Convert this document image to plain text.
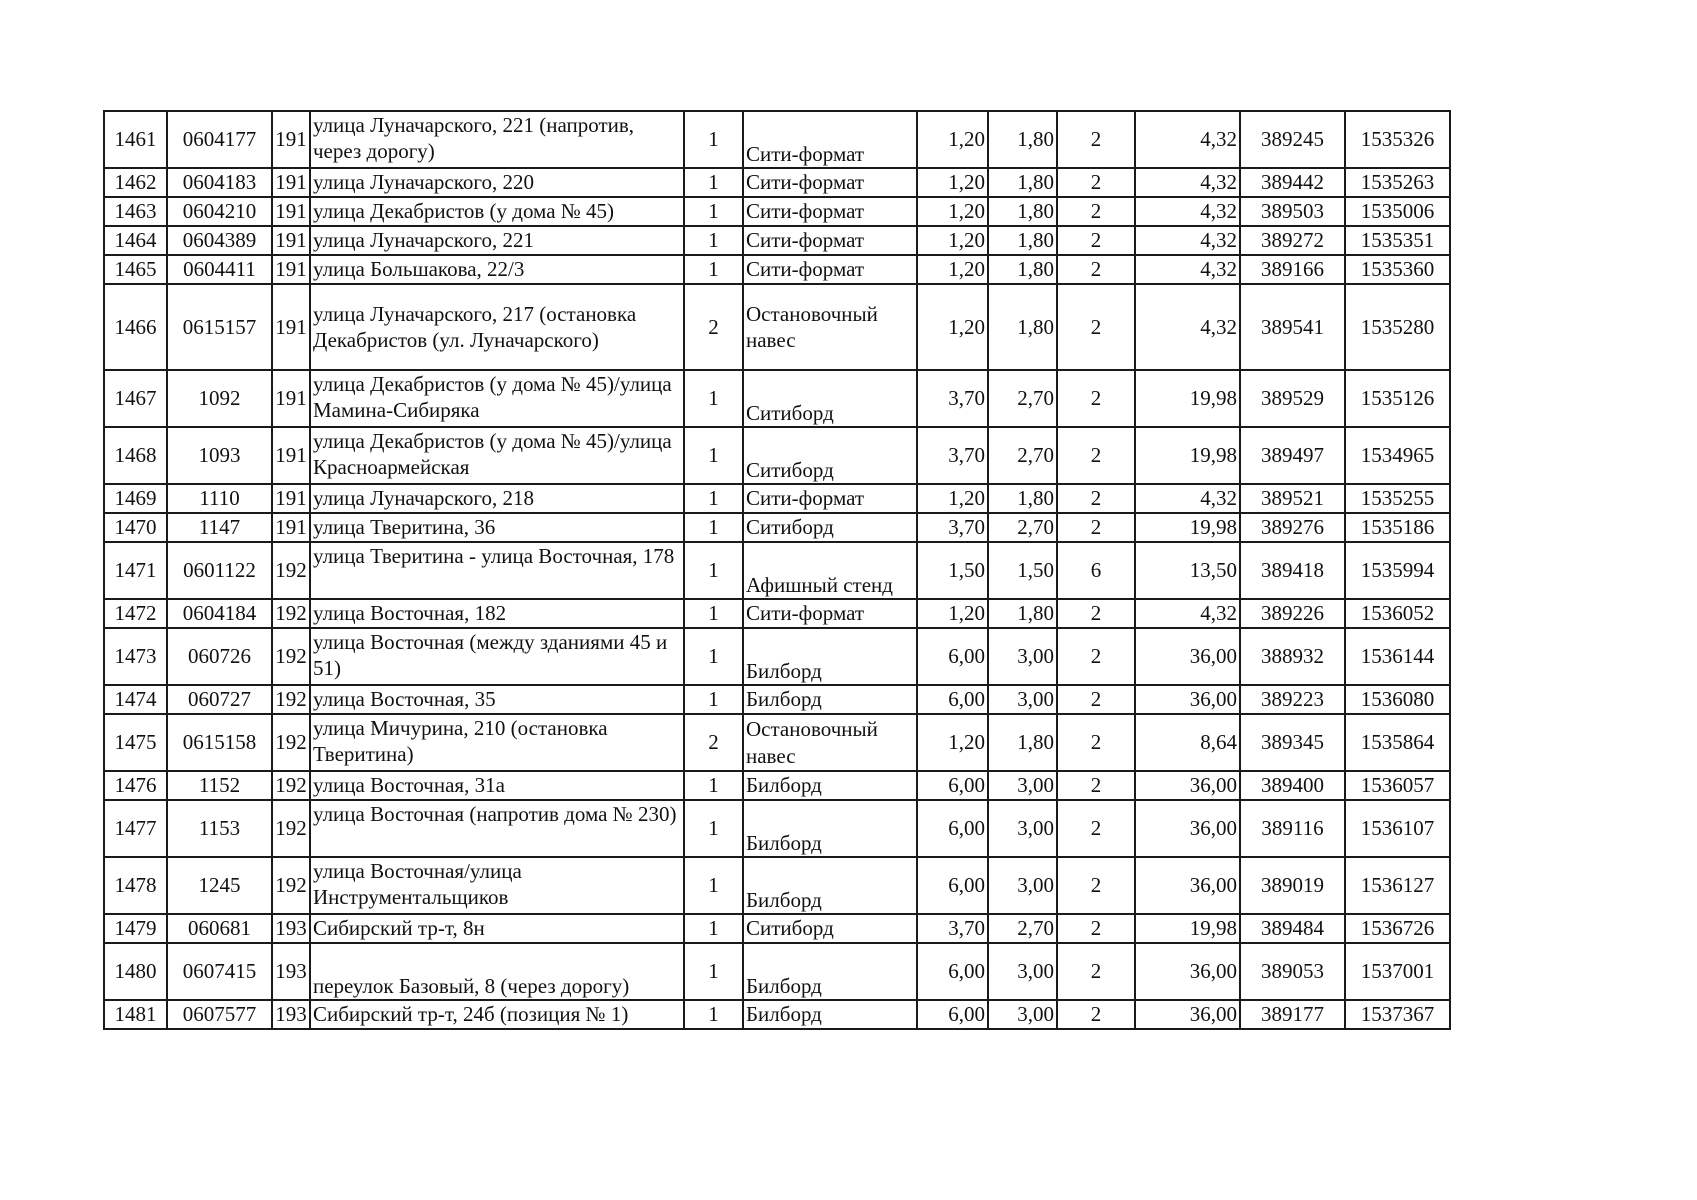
1461	0604177	191	улица Луначарского, 221 (напротив, через дорогу)	1	Сити-формат	1,20	1,80	2	4,32	389245	1535326
1462	0604183	191	улица Луначарского, 220	1	Сити-формат	1,20	1,80	2	4,32	389442	1535263
1463	0604210	191	улица Декабристов (у дома № 45)	1	Сити-формат	1,20	1,80	2	4,32	389503	1535006
1464	0604389	191	улица Луначарского, 221	1	Сити-формат	1,20	1,80	2	4,32	389272	1535351
1465	0604411	191	улица Большакова, 22/3	1	Сити-формат	1,20	1,80	2	4,32	389166	1535360
1466	0615157	191	улица Луначарского, 217 (остановка Декабристов (ул. Луначарского)	2	Остановочный навес	1,20	1,80	2	4,32	389541	1535280
1467	1092	191	улица Декабристов (у дома № 45)/улица Мамина-Сибиряка	1	Ситиборд	3,70	2,70	2	19,98	389529	1535126
1468	1093	191	улица Декабристов (у дома № 45)/улица Красноармейская	1	Ситиборд	3,70	2,70	2	19,98	389497	1534965
1469	1110	191	улица Луначарского, 218	1	Сити-формат	1,20	1,80	2	4,32	389521	1535255
1470	1147	191	улица Тверитина, 36	1	Ситиборд	3,70	2,70	2	19,98	389276	1535186
1471	0601122	192	улица Тверитина - улица Восточная, 178	1	Афишный стенд	1,50	1,50	6	13,50	389418	1535994
1472	0604184	192	улица Восточная, 182	1	Сити-формат	1,20	1,80	2	4,32	389226	1536052
1473	060726	192	улица Восточная (между зданиями 45 и 51)	1	Билборд	6,00	3,00	2	36,00	388932	1536144
1474	060727	192	улица Восточная, 35	1	Билборд	6,00	3,00	2	36,00	389223	1536080
1475	0615158	192	улица Мичурина, 210 (остановка Тверитина)	2	Остановочный навес	1,20	1,80	2	8,64	389345	1535864
1476	1152	192	улица Восточная, 31а	1	Билборд	6,00	3,00	2	36,00	389400	1536057
1477	1153	192	улица Восточная (напротив дома № 230)	1	Билборд	6,00	3,00	2	36,00	389116	1536107
1478	1245	192	улица Восточная/улица Инструментальщиков	1	Билборд	6,00	3,00	2	36,00	389019	1536127
1479	060681	193	Сибирский тр-т, 8н	1	Ситиборд	3,70	2,70	2	19,98	389484	1536726
1480	0607415	193	переулок Базовый, 8 (через дорогу)	1	Билборд	6,00	3,00	2	36,00	389053	1537001
1481	0607577	193	Сибирский тр-т, 24б (позиция № 1)	1	Билборд	6,00	3,00	2	36,00	389177	1537367
